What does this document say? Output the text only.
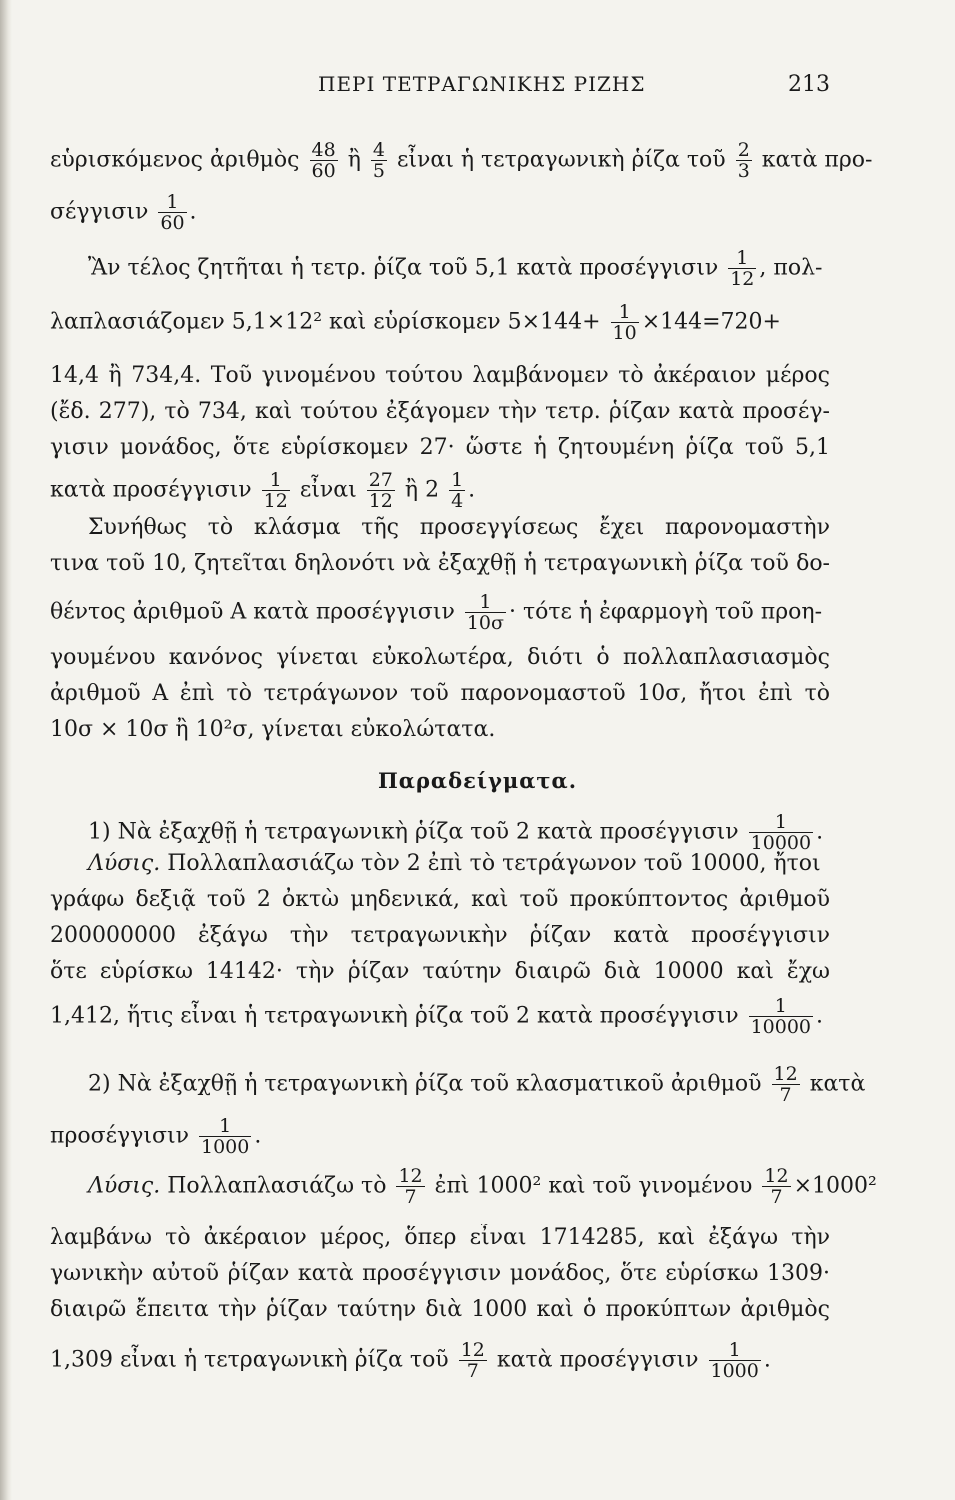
ΠΕΡΙ ΤΕΤΡΑΓΩΝΙΚΗΣ ΡΙΖΗΣ	213
εὑρισκόμενος ἀριθμὸς $\frac{48}{60}$ ἢ $\frac{4}{5}$ εἶναι ἡ τετραγωνικὴ ῥίζα τοῦ $\frac{2}{3}$ κατὰ προ-
σέγγισιν $\frac{1}{60}$ .
Ἂν τέλος ζητῆται ἡ τετρ. ῥίζα τοῦ 5,1 κατὰ προσέγγισιν $\frac{1}{12}$ , πολ-
λαπλασιάζομεν 5,1×12² καὶ εὑρίσκομεν $5\times 144+ \frac{1}{10} \times 144=720+$
14,4 ἢ 734,4. Τοῦ γινομένου τούτου λαμβάνομεν τὸ ἀκέραιον μέρος
(ἔδ. 277), τὸ 734, καὶ τούτου ἐξάγομεν τὴν τετρ. ῥίζαν κατὰ προσέγ-
γισιν μονάδος, ὅτε εὑρίσκομεν 27· ὥστε ἡ ζητουμένη ῥίζα τοῦ 5,1
κατὰ προσέγγισιν $\frac{1}{12}$ εἶναι $\frac{27}{12}$ ἢ $2 \frac{1}{4}$ .
Συνήθως τὸ κλάσμα τῆς προσεγγίσεως ἔχει παρονομαστὴν
τινα τοῦ 10, ζητεῖται δηλονότι νὰ ἐξαχθῇ ἡ τετραγωνικὴ ῥίζα τοῦ δο-
θέντος ἀριθμοῦ Α κατὰ προσέγγισιν $\frac{1}{10\sigma} \cdot \tau ό\tau\varepsilon$ ἡ ἐφαρμογὴ τοῦ προη-
γουμένου κανόνος γίνεται εὐκολωτέρα, διότι ὁ πολλαπλασιασμὸς
ἀριθμοῦ Α ἐπὶ τὸ τετράγωνον τοῦ παρονομαστοῦ 10σ, ἤτοι ἐπὶ τὸ
10σ × 10σ ἢ 10²σ, γίνεται εὐκολώτατα.
Παραδείγματα.
1) Νὰ ἐξαχθῇ ἡ τετραγωνικὴ ῥίζα τοῦ 2 κατὰ προσέγγισιν $\frac{1}{10000}$ .
Λύσις. Πολλαπλασιάζω τὸν 2 ἐπὶ τὸ τετράγωνον τοῦ 10000, ἤτοι
γράφω δεξιᾷ τοῦ 2 ὀκτὼ μηδενικά, καὶ τοῦ προκύπτοντος ἀριθμοῦ
200000000 ἐξάγω τὴν τετραγωνικὴν ῥίζαν κατὰ προσέγγισιν
ὅτε εὑρίσκω 14142· τὴν ῥίζαν ταύτην διαιρῶ διὰ 10000 καὶ ἔχω
1,412, ἥτις εἶναι ἡ τετραγωνικὴ ῥίζα τοῦ 2 κατὰ προσέγγισιν $\frac{1}{10000}$ .
2) Νὰ ἐξαχθῇ ἡ τετραγωνικὴ ῥίζα τοῦ κλασματικοῦ ἀριθμοῦ $\frac{12}{7}$ κατὰ
προσέγγισιν $\frac{1}{1000}$ .
Λύσις. Πολλαπλασιάζω τὸ $\frac{12}{7}$ ἐπὶ 1000² καὶ τοῦ γινομένου $\frac{12}{7} \times 1000^2$
λαμβάνω τὸ ἀκέραιον μέρος, ὅπερ εἶναι 1714285, καὶ ἐξάγω τὴν
γωνικὴν αὐτοῦ ῥίζαν κατὰ προσέγγισιν μονάδος, ὅτε εὑρίσκω 1309·
διαιρῶ ἔπειτα τὴν ῥίζαν ταύτην διὰ 1000 καὶ ὁ προκύπτων ἀριθμὸς
1,309 εἶναι ἡ τετραγωνικὴ ῥίζα τοῦ $\frac{12}{7}$ κατὰ προσέγγισιν $\frac{1}{1000}$ .
